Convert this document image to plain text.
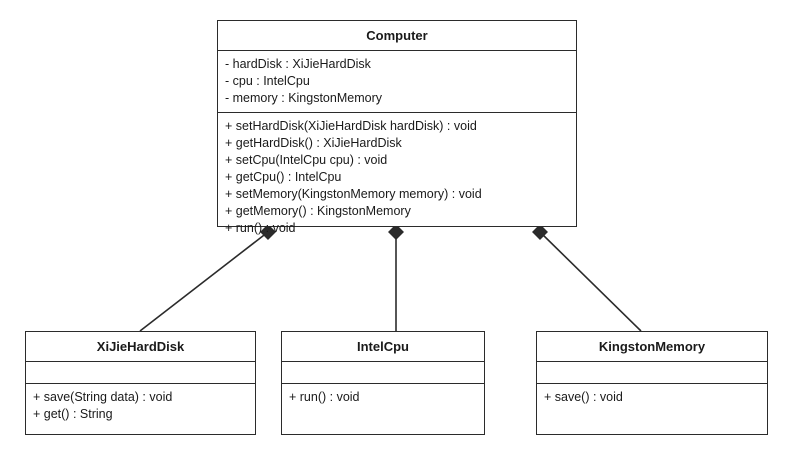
Computer
- hardDisk : XiJieHardDisk
- cpu : IntelCpu
- memory : KingstonMemory
+ setHardDisk(XiJieHardDisk hardDisk) : void
+ getHardDisk() : XiJieHardDisk
+ setCpu(IntelCpu cpu) : void
+ getCpu() : IntelCpu
+ setMemory(KingstonMemory memory) : void
+ getMemory() : KingstonMemory
+ run() : void
XiJieHardDisk
+ save(String data) : void
+ get() : String
IntelCpu
+ run() : void
KingstonMemory
+ save() : void
